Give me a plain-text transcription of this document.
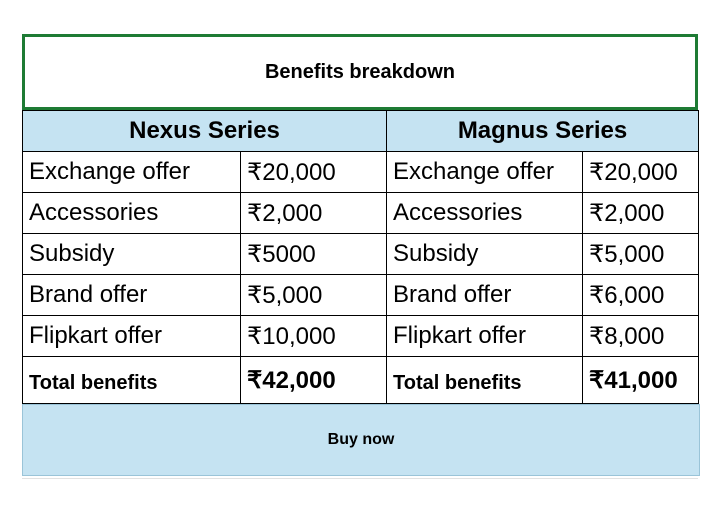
Benefits breakdown
Nexus Series		Magnus Series	
Exchange offer	₹20,000	Exchange offer	₹20,000
Accessories	₹2,000	Accessories	₹2,000
Subsidy	₹5000	Subsidy	₹5,000
Brand offer	₹5,000	Brand offer	₹6,000
Flipkart offer	₹10,000	Flipkart offer	₹8,000
Total benefits	₹42,000	Total benefits	₹41,000
Buy now
